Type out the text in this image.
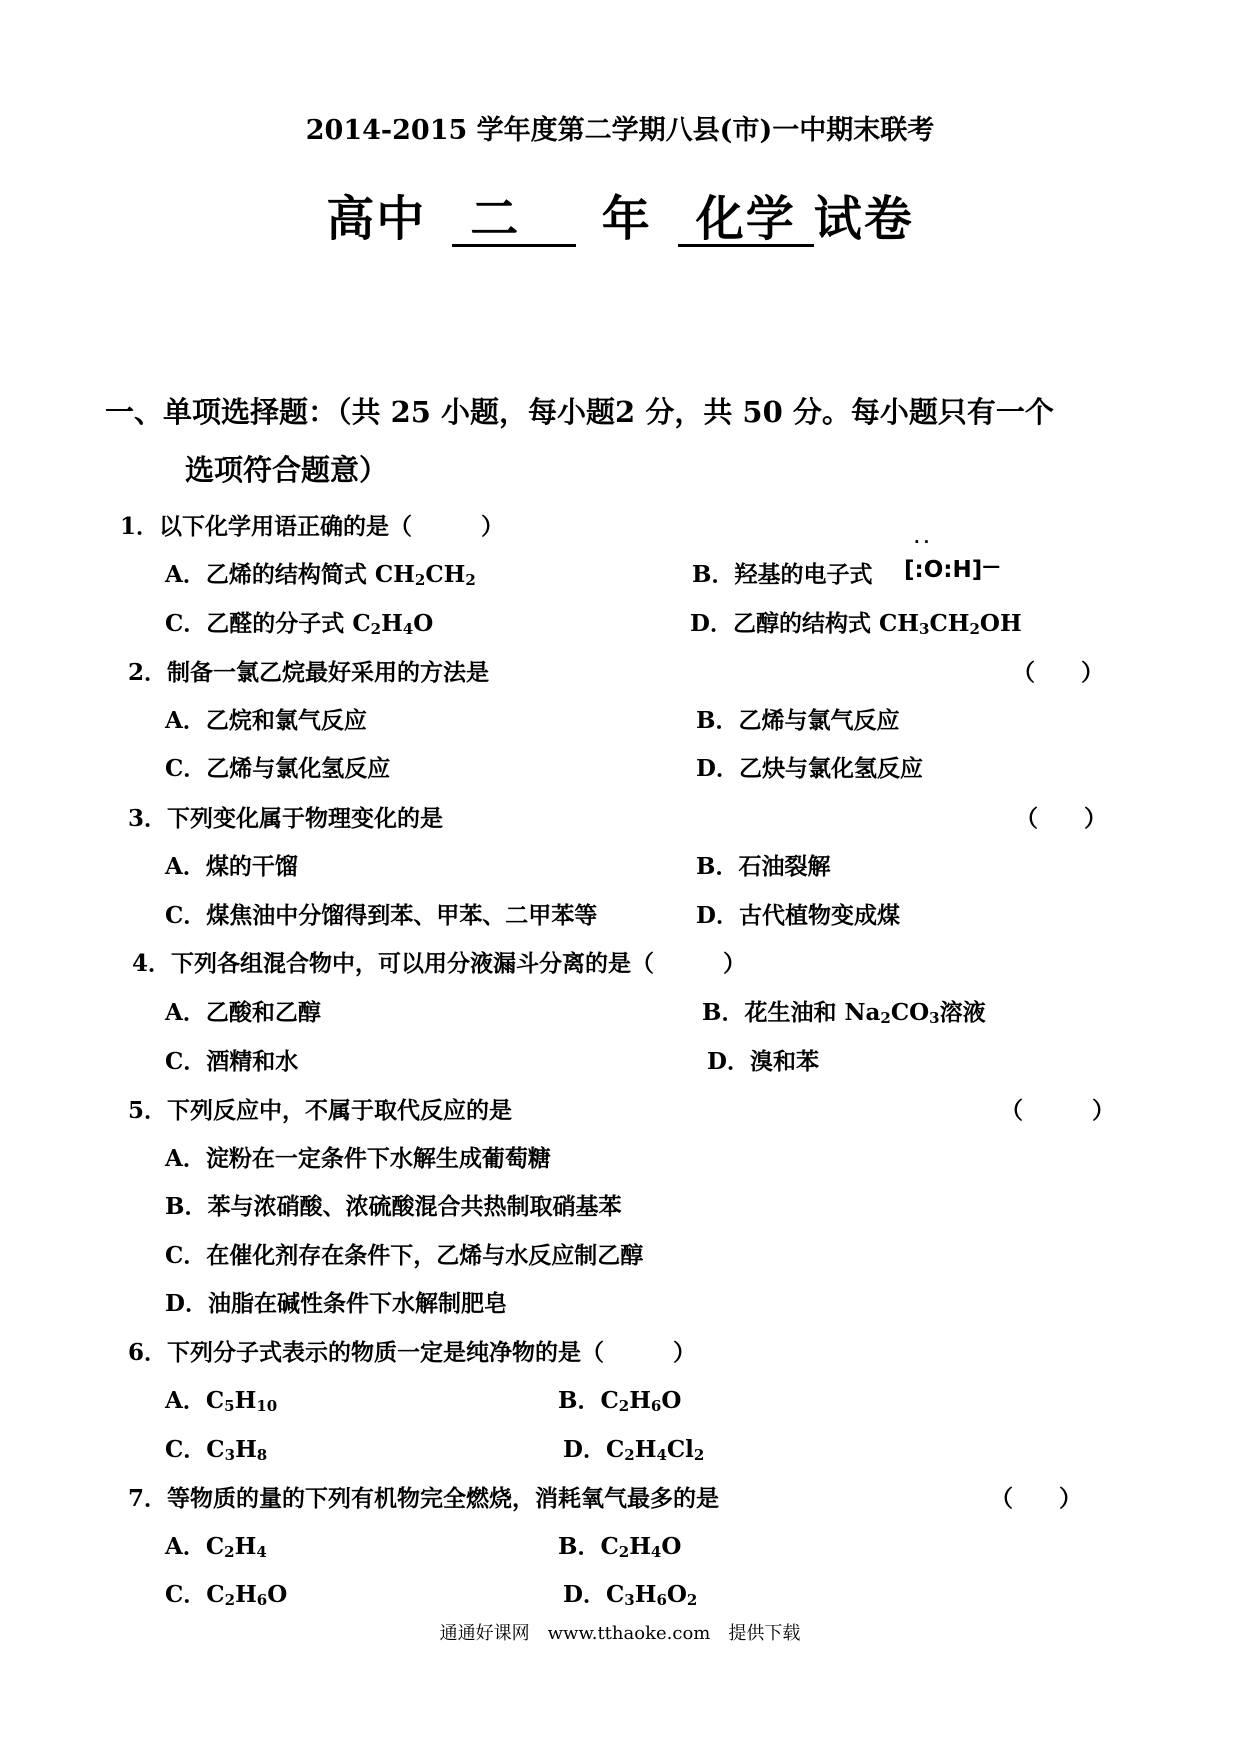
2014-2015 学年度第二学期八县(市)一中期末联考
高中 二 年 化学 试卷
一、单项选择题：（共 25 小题，每小题2 分，共 50 分。每小题只有一个
选项符合题意）
1．以下化学用语正确的是（　　　）
A．乙烯的结构简式 $CH_2CH_2$	B．羟基的电子式
··
[:O:H]—
C．乙醛的分子式 $C_2H_4O$	D．乙醇的结构式 $CH_3CH_2OH$
2．制备一氯乙烷最好采用的方法是	（　　）
A．乙烷和氯气反应	B．乙烯与氯气反应
C．乙烯与氯化氢反应	D．乙炔与氯化氢反应
3．下列变化属于物理变化的是	（　　）
A．煤的干馏	B．石油裂解
C．煤焦油中分馏得到苯、甲苯、二甲苯等	D．古代植物变成煤
4．下列各组混合物中，可以用分液漏斗分离的是（　　　）
A．乙酸和乙醇	B．花生油和 $Na_2CO_3$溶液
C．酒精和水	D．溴和苯
5．下列反应中，不属于取代反应的是	（　　　）
A．淀粉在一定条件下水解生成葡萄糖
B．苯与浓硝酸、浓硫酸混合共热制取硝基苯
C．在催化剂存在条件下，乙烯与水反应制乙醇
D．油脂在碱性条件下水解制肥皂
6．下列分子式表示的物质一定是纯净物的是（　　　）
A．$C_5H_{10}$	B．$C_2H_6O$
C．$C_3H_8$	D．$C_2H_4Cl_2$
7．等物质的量的下列有机物完全燃烧，消耗氧气最多的是	（　　）
A．$C_2H_4$	B．$C_2H_4O$
C．$C_2H_6O$	D．$C_3H_6O_2$
通通好课网　www.tthaoke.com　提供下载
